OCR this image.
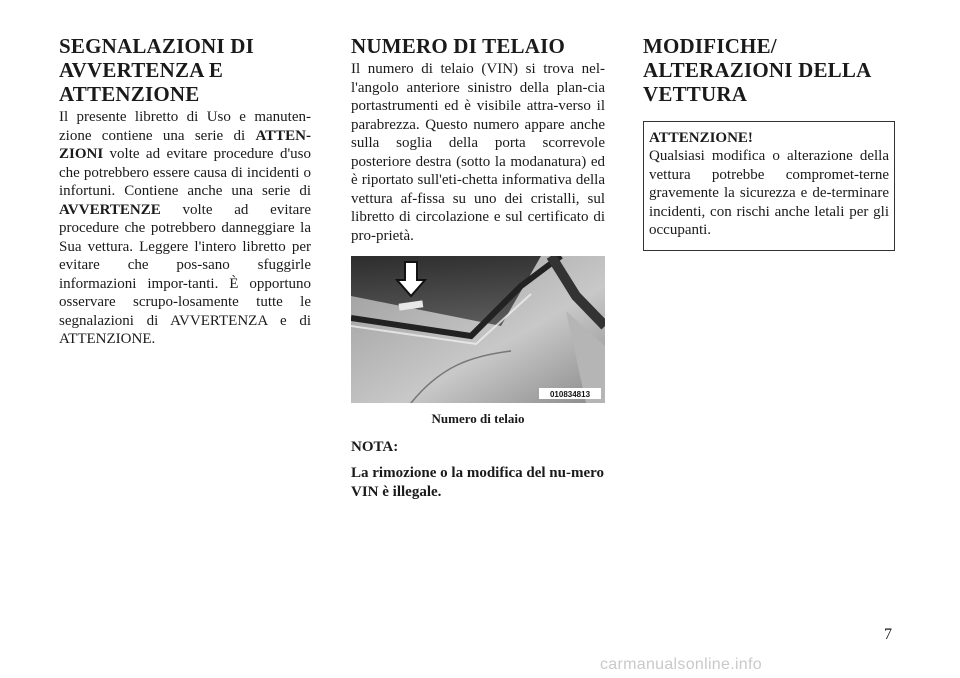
SEGNALAZIONI DI AVVERTENZA E ATTENZIONE

Il presente libretto di Uso e manuten-zione contiene una serie di ATTEN-ZIONI volte ad evitare procedure d'uso che potrebbero essere causa di incidenti o infortuni. Contiene anche una serie di AVVERTENZE volte ad evitare procedure che potrebbero danneggiare la Sua vettura. Leggere l'intero libretto per evitare che pos-sano sfuggirle informazioni impor-tanti. È opportuno osservare scrupo-losamente tutte le segnalazioni di AVVERTENZA e di ATTENZIONE.

NUMERO DI TELAIO

Il numero di telaio (VIN) si trova nel-l'angolo anteriore sinistro della plan-cia portastrumenti ed è visibile attra-verso il parabrezza. Questo numero appare anche sulla soglia della porta scorrevole posteriore destra (sotto la modanatura) ed è riportato sull'eti-chetta informativa della vettura af-fissa su uno dei cristalli, sul libretto di circolazione e sul certificato di pro-prietà.

010834813
Numero di telaio
NOTA:
La rimozione o la modifica del nu-mero VIN è illegale.
MODIFICHE/ ALTERAZIONI DELLA VETTURA
ATTENZIONE!

Qualsiasi modifica o alterazione della vettura potrebbe compromet-terne gravemente la sicurezza e de-terminare incidenti, con rischi anche letali per gli occupanti.

7
carmanualsonline.info
